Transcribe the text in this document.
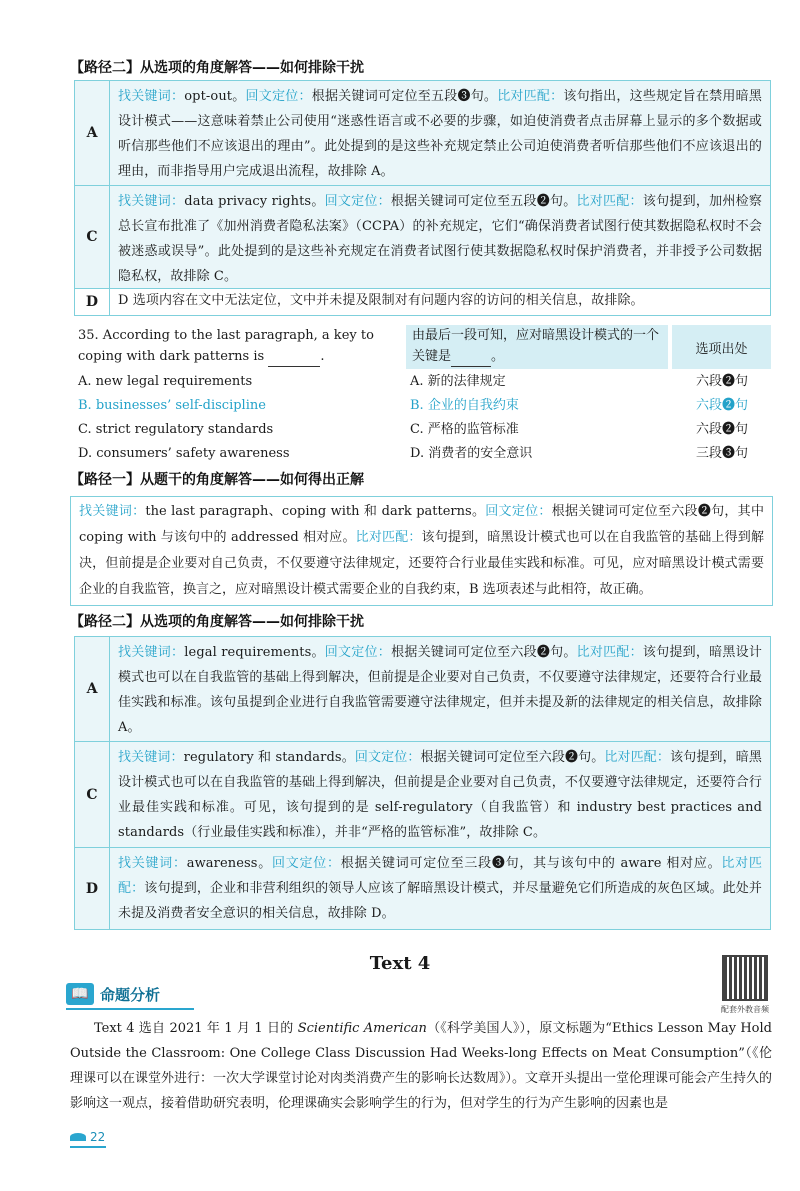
【路径二】从选项的角度解答——如何排除干扰
A
找关键词：opt-out。回文定位：根据关键词可定位至五段❸句。比对匹配：该句指出，这些规定旨在禁用暗黑设计模式——这意味着禁止公司使用“迷惑性语言或不必要的步骤，如迫使消费者点击屏幕上显示的多个数据或听信那些他们不应该退出的理由”。此处提到的是这些补充规定禁止公司迫使消费者听信那些他们不应该退出的理由，而非指导用户完成退出流程，故排除 A。
C
找关键词：data privacy rights。回文定位：根据关键词可定位至五段❷句。比对匹配：该句提到，加州检察总长宣布批准了《加州消费者隐私法案》（CCPA）的补充规定，它们“确保消费者试图行使其数据隐私权时不会被迷惑或误导”。此处提到的是这些补充规定在消费者试图行使其数据隐私权时保护消费者，并非授予公司数据隐私权，故排除 C。
D	D 选项内容在文中无法定位，文中并未提及限制对有问题内容的访问的相关信息，故排除。
35. According to the last paragraph, a key to coping with dark patterns is	.
由最后一段可知，应对暗黑设计模式的一个关键是	。	选项出处
A. new legal requirements	A. 新的法律规定	六段❷句
B. businesses’ self-discipline	B. 企业的自我约束	六段❷句
C. strict regulatory standards	C. 严格的监管标准	六段❷句
D. consumers’ safety awareness	D. 消费者的安全意识	三段❸句
【路径一】从题干的角度解答——如何得出正解
找关键词：the last paragraph、coping with 和 dark patterns。回文定位：根据关键词可定位至六段❷句，其中 coping with 与该句中的 addressed 相对应。比对匹配：该句提到，暗黑设计模式也可以在自我监管的基础上得到解决，但前提是企业要对自己负责，不仅要遵守法律规定，还要符合行业最佳实践和标准。可见，应对暗黑设计模式需要企业的自我监管，换言之，应对暗黑设计模式需要企业的自我约束，B 选项表述与此相符，故正确。
【路径二】从选项的角度解答——如何排除干扰
A
找关键词：legal requirements。回文定位：根据关键词可定位至六段❷句。比对匹配：该句提到，暗黑设计模式也可以在自我监管的基础上得到解决，但前提是企业要对自己负责，不仅要遵守法律规定，还要符合行业最佳实践和标准。该句虽提到企业进行自我监管需要遵守法律规定，但并未提及新的法律规定的相关信息，故排除 A。
C
找关键词：regulatory 和 standards。回文定位：根据关键词可定位至六段❷句。比对匹配：该句提到，暗黑设计模式也可以在自我监管的基础上得到解决，但前提是企业要对自己负责，不仅要遵守法律规定，还要符合行业最佳实践和标准。可见，该句提到的是 self-regulatory（自我监管）和 industry best practices and standards（行业最佳实践和标准），并非“严格的监管标准”，故排除 C。
D
找关键词：awareness。回文定位：根据关键词可定位至三段❸句，其与该句中的 aware 相对应。比对匹配：该句提到，企业和非营利组织的领导人应该了解暗黑设计模式，并尽量避免它们所造成的灰色区域。此处并未提及消费者安全意识的相关信息，故排除 D。
Text 4
配套外教音频
📖 命题分析
Text 4 选自 2021 年 1 月 1 日的 Scientific American（《科学美国人》），原文标题为“Ethics Lesson May Hold Outside the Classroom: One College Class Discussion Had Weeks-long Effects on Meat Consumption”（《伦理课可以在课堂外进行：一次大学课堂讨论对肉类消费产生的影响长达数周》）。文章开头提出一堂伦理课可能会产生持久的影响这一观点，接着借助研究表明，伦理课确实会影响学生的行为，但对学生的行为产生影响的因素也是
22
